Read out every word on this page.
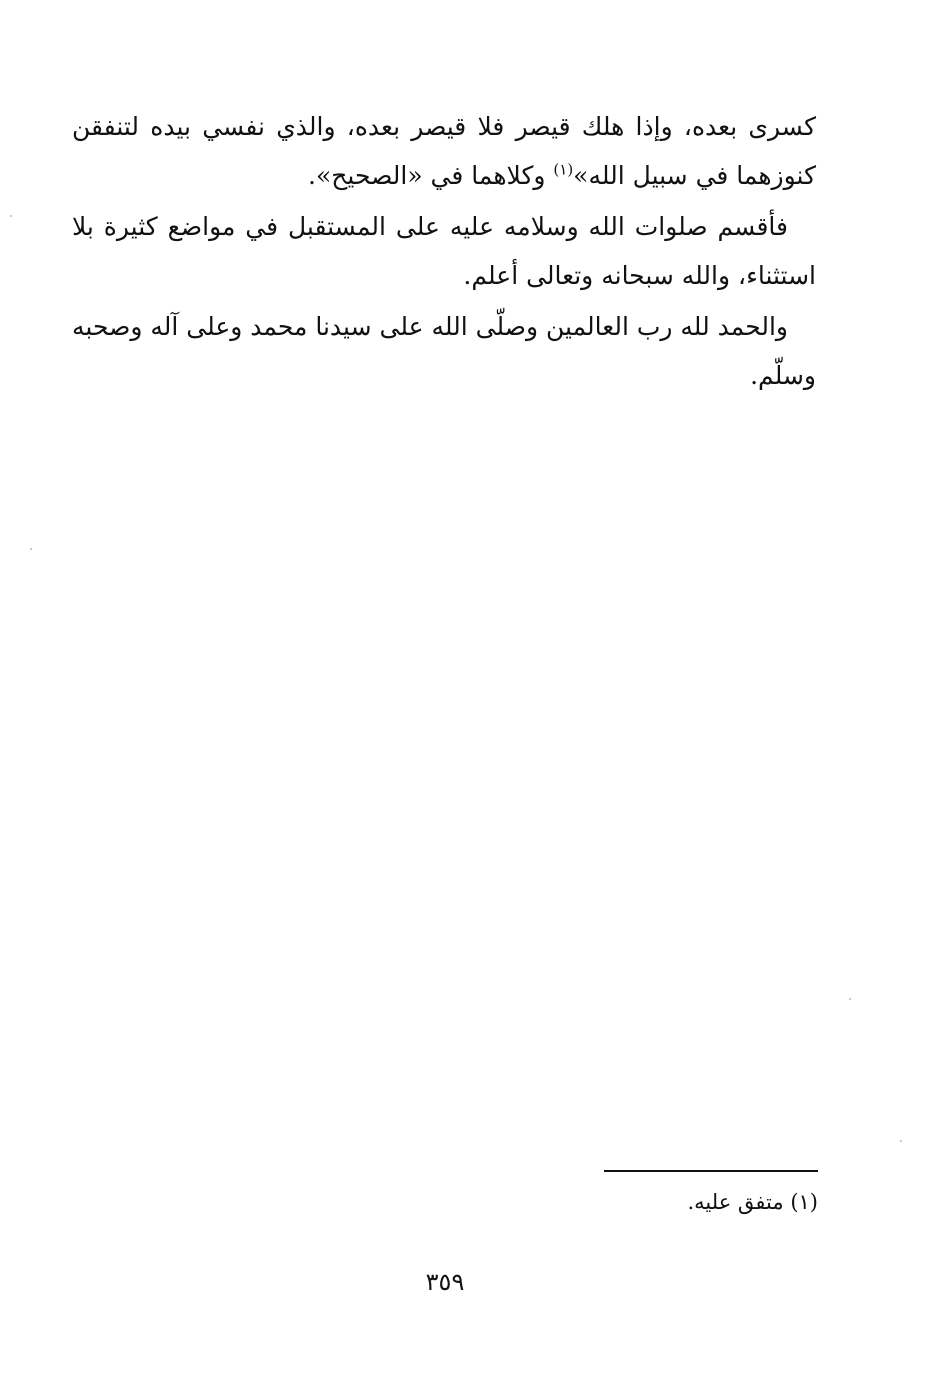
كسرى بعده، وإذا هلك قيصر فلا قيصر بعده، والذي نفسي بيده لتنفقن كنوزهما في سبيل الله»$^{(١)}$ وكلاهما في «الصحيح».

فأقسم صلوات الله وسلامه عليه على المستقبل في مواضع كثيرة بلا استثناء، والله سبحانه وتعالى أعلم.

والحمد لله رب العالمين وصلّى الله على سيدنا محمد وعلى آله وصحبه وسلّم.

(١) متفق عليه.
٣٥٩
